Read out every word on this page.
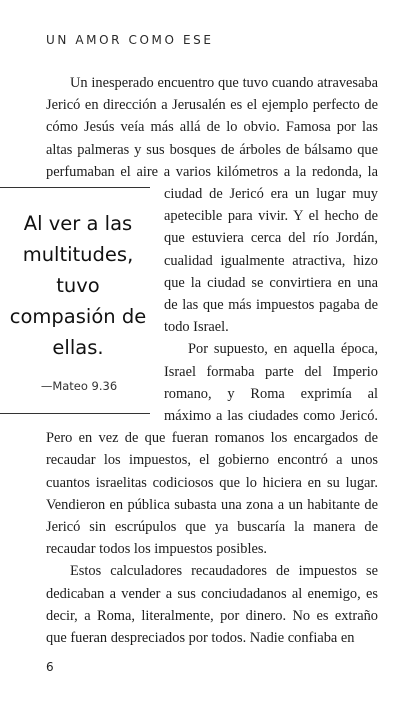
UN AMOR COMO ESE

Un inesperado encuentro que tuvo cuando atravesaba Jericó en dirección a Jerusalén es el ejemplo perfecto de cómo Jesús veía más allá de lo obvio. Famosa por las altas palmeras y sus bosques de árboles de bálsamo que perfumaban el aire a varios kilómetros a la redonda, la
Al ver a las multitudes, tuvo compasión de ellas.
—Mateo 9.36
ciudad de Jericó era un lugar muy apetecible para vivir. Y el hecho de que estuviera cerca del río Jordán, cualidad igualmente atractiva, hizo que la ciudad se convirtiera en una de las que más impuestos pagaba de todo Israel.

Por supuesto, en aquella época, Israel formaba parte del Imperio romano, y Roma exprimía al máximo a las ciudades como Jericó. Pero en vez de que fueran romanos los encargados de recaudar los impuestos, el gobierno encontró a unos cuantos israelitas codiciosos que lo hiciera en su lugar. Vendieron en pública subasta una zona a un habitante de Jericó sin escrúpulos que ya buscaría la manera de recaudar todos los impuestos posibles.

Estos calculadores recaudadores de impuestos se dedicaban a vender a sus conciudadanos al enemigo, es decir, a Roma, literalmente, por dinero. No es extraño que fueran despreciados por todos. Nadie confiaba en

6
